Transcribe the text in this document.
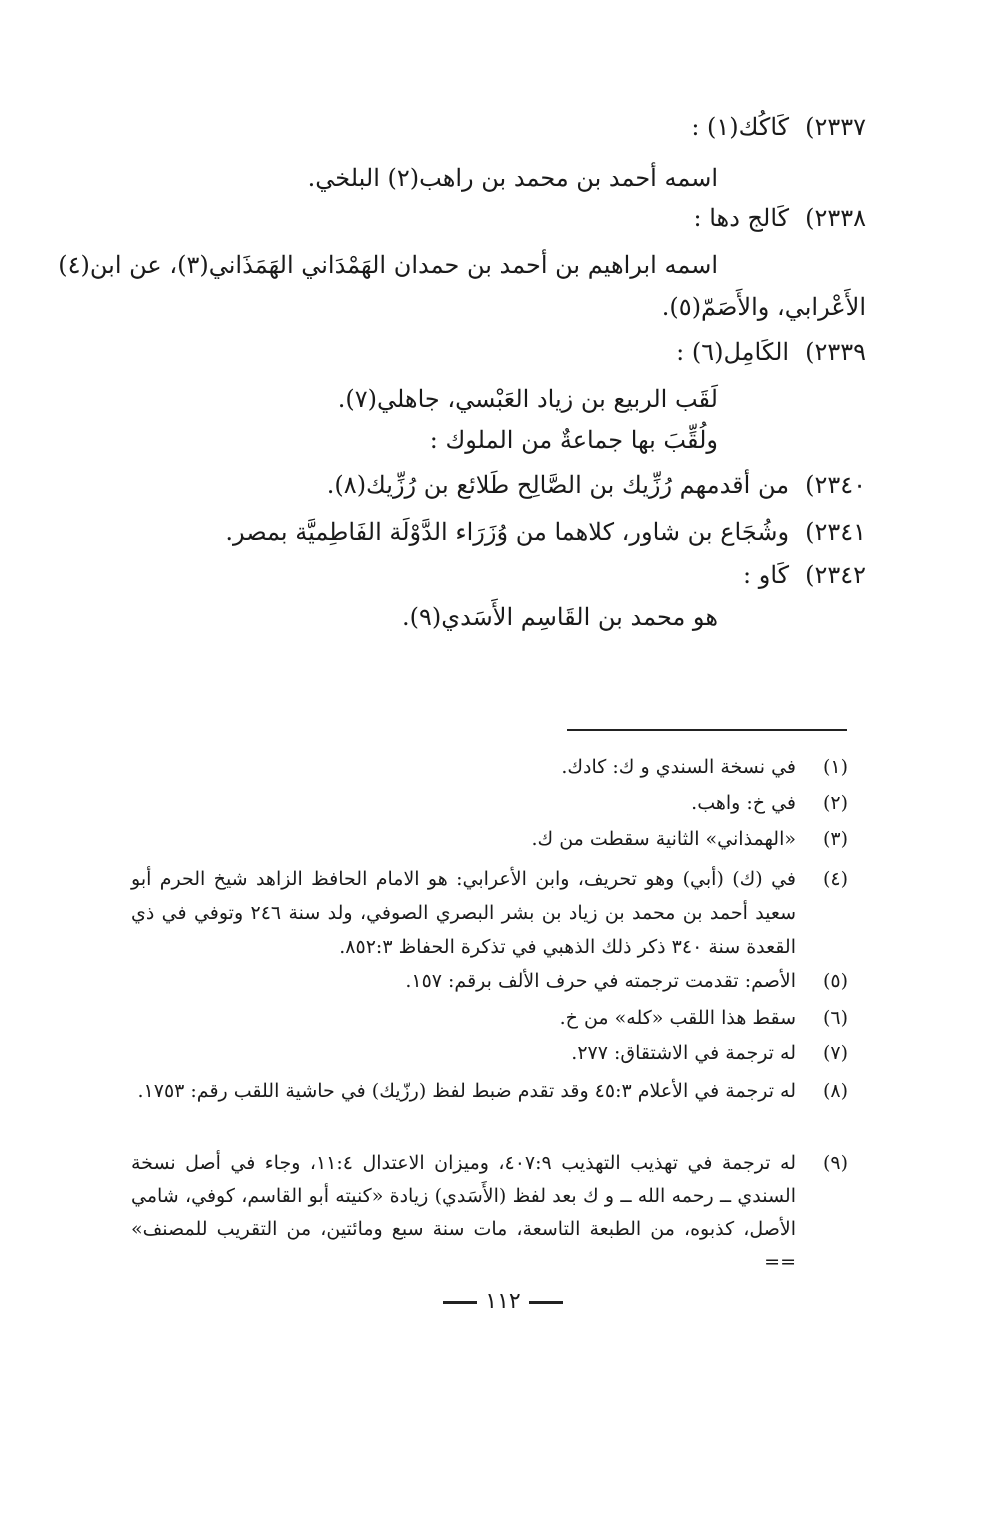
٢٣٣٧)كَاكُك(١) :
اسمه أحمد بن محمد بن راهب(٢) البلخي.
٢٣٣٨)كَالج دها :
اسمه ابراهيم بن أحمد بن حمدان الهَمْدَاني الهَمَذَاني(٣)، عن ابن(٤)
الأَعْرابي، والأَصَمّ(٥).
٢٣٣٩)الكَامِل(٦) :
لَقَب الربيع بن زياد العَبْسي، جاهلي(٧).
ولُقِّبَ بها جماعةٌ من الملوك :
٢٣٤٠)من أقدمهم رُزِّيك بن الصَّالِح طَلائع بن رُزِّيك(٨).
٢٣٤١)وشُجَاع بن شاور، كلاهما من وُزَرَاء الدَّوْلَة الفَاطِميَّة بمصر.
٢٣٤٢)كَاو :
هو محمد بن القَاسِم الأَسَدي(٩).
(١)
في نسخة السندي و ك: كادك.
(٢)
في خ: واهب.
(٣)
«الهمذاني» الثانية سقطت من ك.
(٤)
في (ك) (أبي) وهو تحريف، وابن الأعرابي: هو الامام الحافظ الزاهد شيخ الحرم أبو سعيد أحمد بن محمد بن زياد بن بشر البصري الصوفي، ولد سنة ٢٤٦ وتوفي في ذي القعدة سنة ٣٤٠ ذكر ذلك الذهبي في تذكرة الحفاظ ٨٥٢:٣.
(٥)
الأصم: تقدمت ترجمته في حرف الألف برقم: ١٥٧.
(٦)
سقط هذا اللقب «كله» من خ.
(٧)
له ترجمة في الاشتقاق: ٢٧٧.
(٨)
له ترجمة في الأعلام ٤٥:٣ وقد تقدم ضبط لفظ (رزّيك) في حاشية اللقب رقم: ١٧٥٣.
(٩)
له ترجمة في تهذيب التهذيب ٤٠٧:٩، وميزان الاعتدال ١١:٤، وجاء في أصل نسخة السندي ــ رحمه الله ــ و ك بعد لفظ (الأَسَدي) زيادة «كنيته أبو القاسم، كوفي، شامي الأصل، كذبوه، من الطبعة التاسعة، مات سنة سبع ومائتين، من التقريب للمصنف» ==
١١٢
